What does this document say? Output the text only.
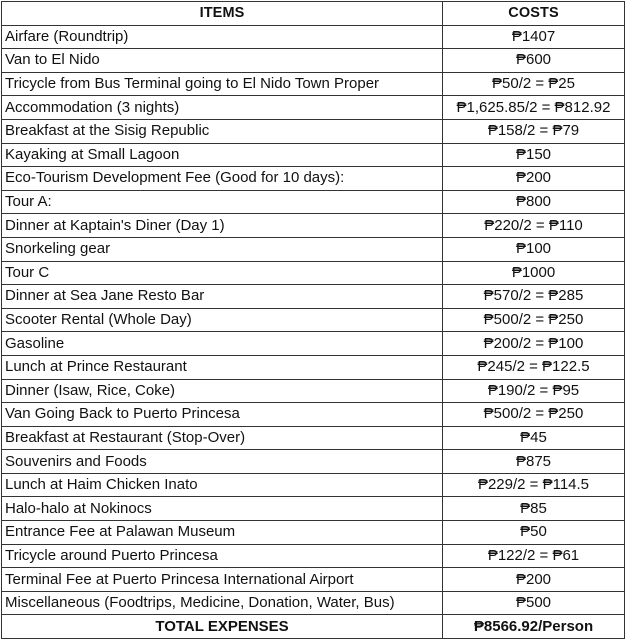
ITEMS	COSTS
Airfare (Roundtrip)	₱1407
Van to El Nido	₱600
Tricycle from Bus Terminal going to El Nido Town Proper	₱50/2 = ₱25
Accommodation (3 nights)	₱1,625.85/2 = ₱812.92
Breakfast at the Sisig Republic	₱158/2 = ₱79
Kayaking at Small Lagoon	₱150
Eco-Tourism Development Fee (Good for 10 days):	₱200
Tour A:	₱800
Dinner at Kaptain's Diner (Day 1)	₱220/2 = ₱110
Snorkeling gear	₱100
Tour C	₱1000
Dinner at Sea Jane Resto Bar	₱570/2 = ₱285
Scooter Rental (Whole Day)	₱500/2 = ₱250
Gasoline	₱200/2 = ₱100
Lunch at Prince Restaurant	₱245/2 = ₱122.5
Dinner (Isaw, Rice, Coke)	₱190/2 = ₱95
Van Going Back to Puerto Princesa	₱500/2 = ₱250
Breakfast at Restaurant (Stop-Over)	₱45
Souvenirs and Foods	₱875
Lunch at Haim Chicken Inato	₱229/2 = ₱114.5
Halo-halo at Nokinocs	₱85
Entrance Fee at Palawan Museum	₱50
Tricycle around Puerto Princesa	₱122/2 = ₱61
Terminal Fee at Puerto Princesa International Airport	₱200
Miscellaneous (Foodtrips, Medicine, Donation, Water, Bus)	₱500
TOTAL EXPENSES	₱8566.92/Person
